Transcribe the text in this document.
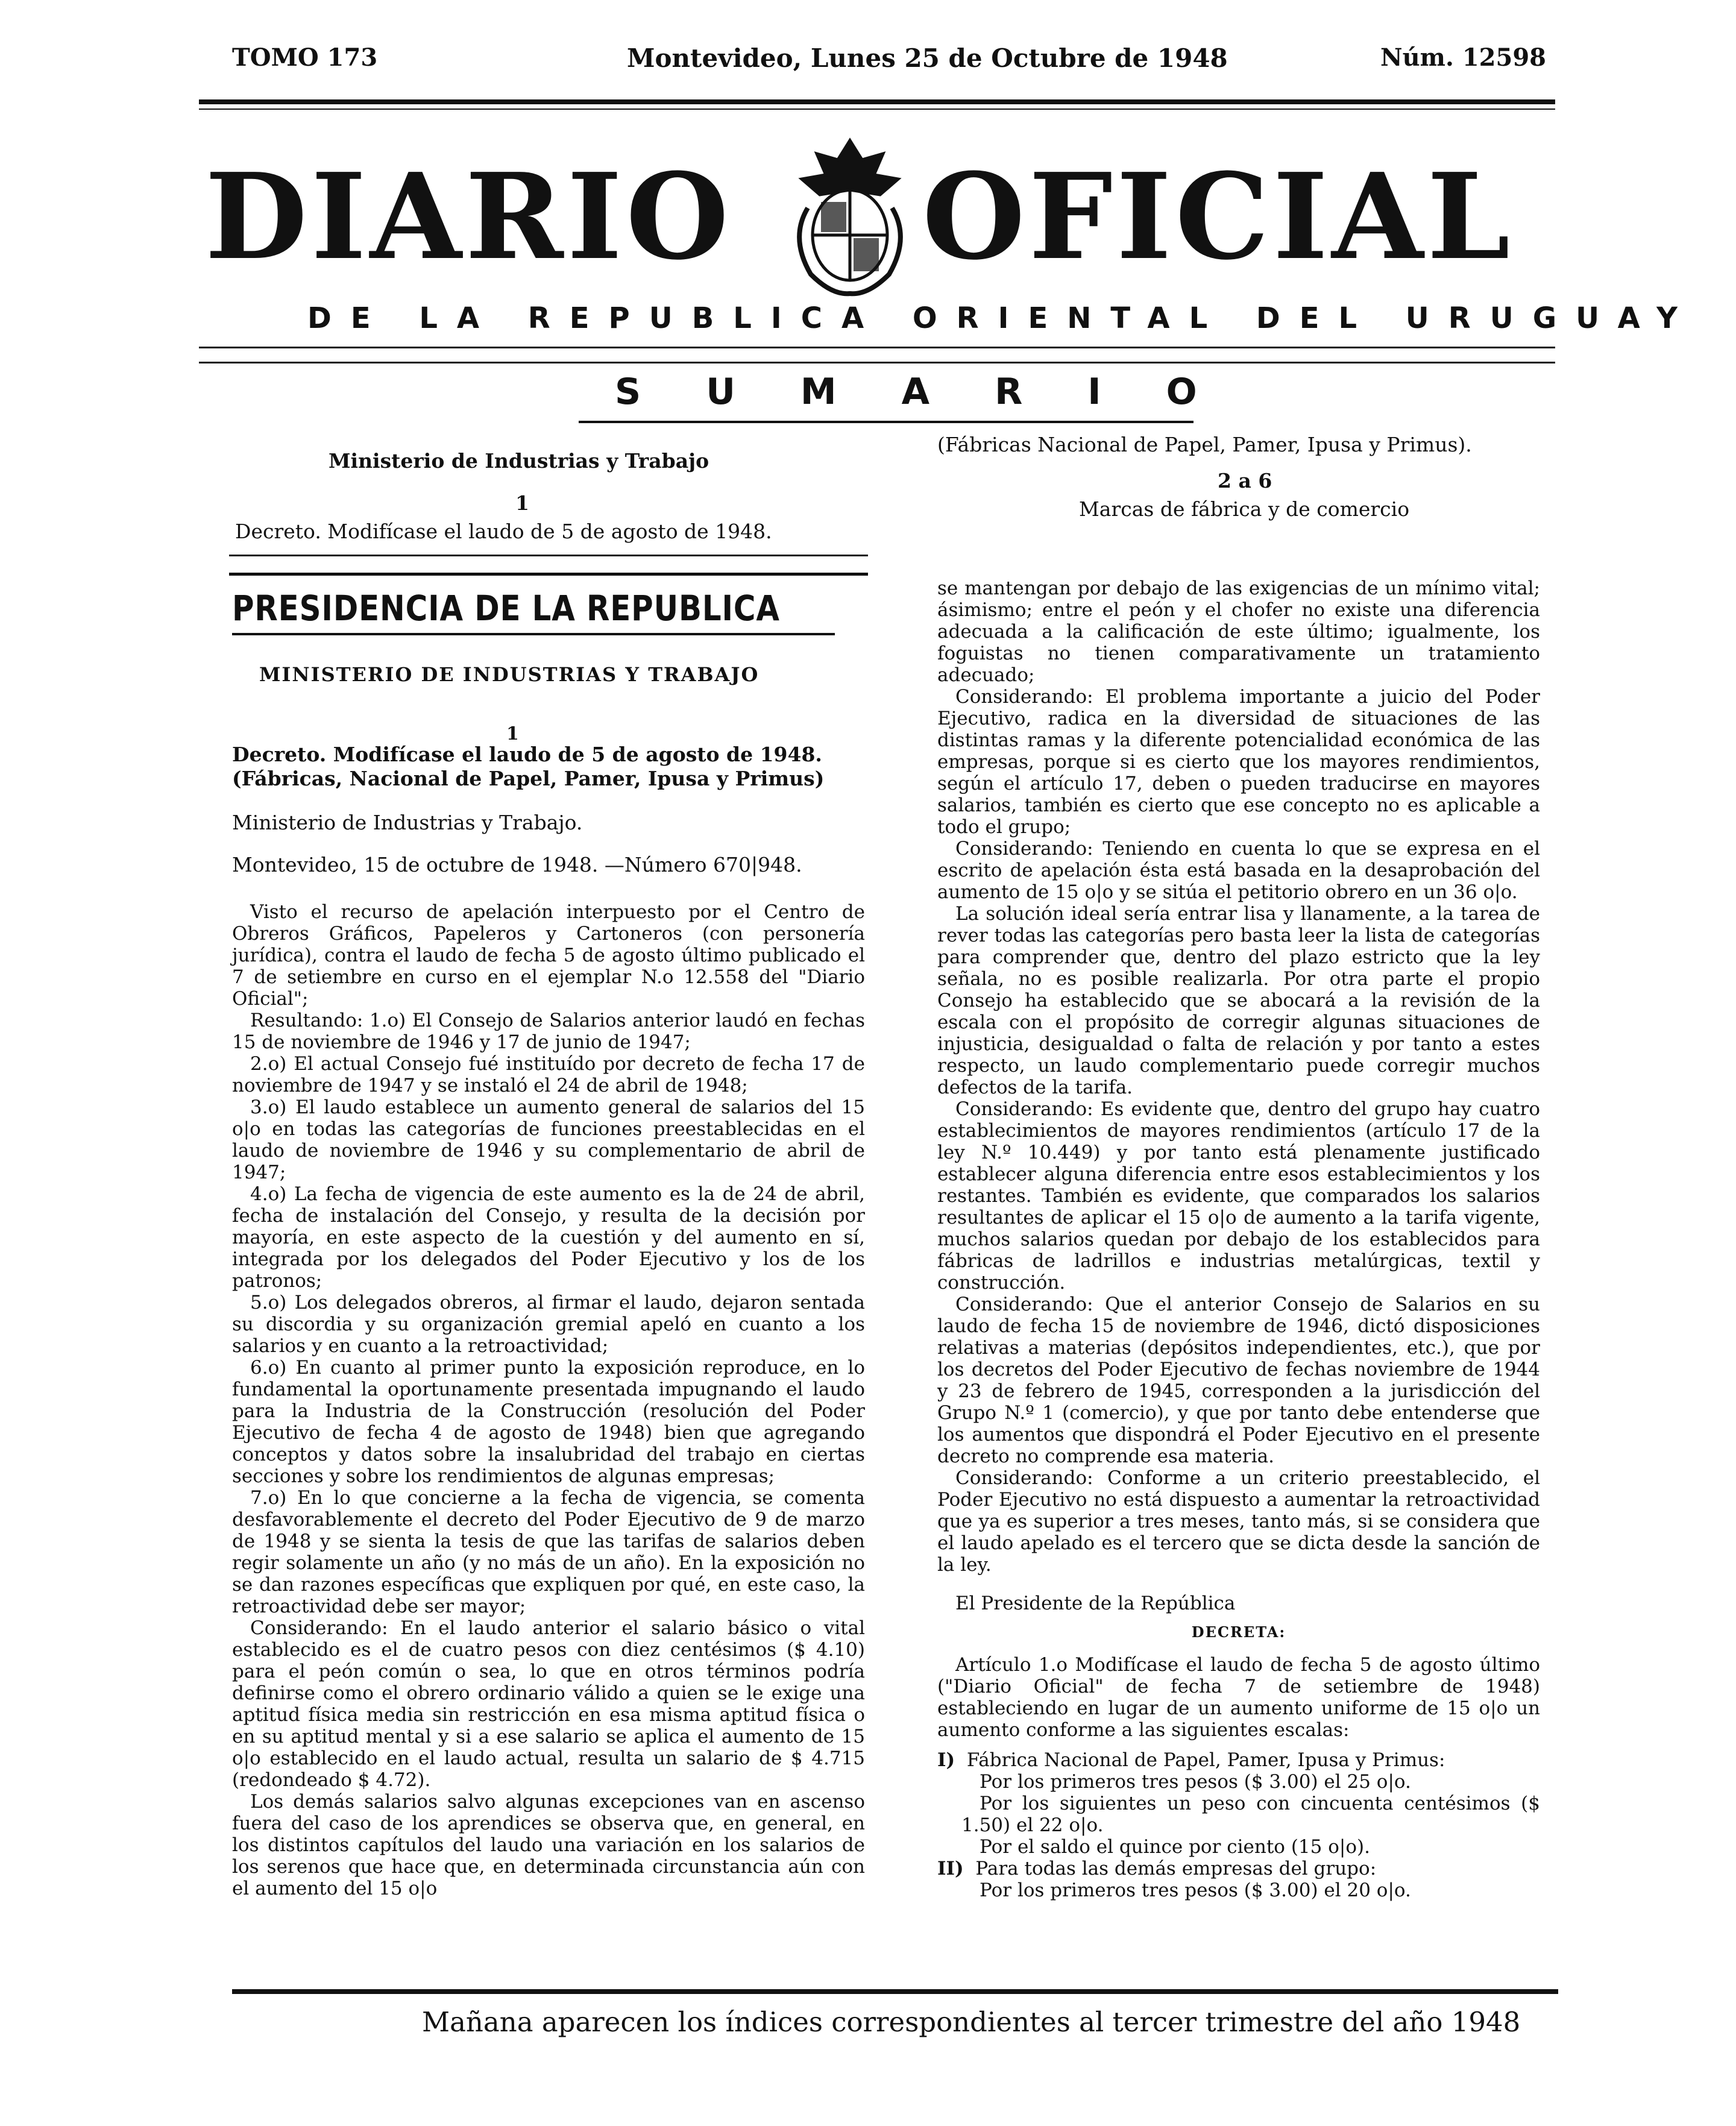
TOMO 173	Montevideo, Lunes 25 de Octubre de 1948	Núm. 12598
DIARIO OFICIAL
DE LA REPUBLICA ORIENTAL DEL URUGUAY
SUMARIO
Ministerio de Industrias y Trabajo
1
Decreto. Modifícase el laudo de 5 de agosto de 1948.
(Fábricas Nacional de Papel, Pamer, Ipusa y Primus).
2 a 6
Marcas de fábrica y de comercio
PRESIDENCIA DE LA REPUBLICA
MINISTERIO DE INDUSTRIAS Y TRABAJO
1
Decreto. Modifícase el laudo de 5 de agosto de 1948. (Fábricas, Nacional de Papel, Pamer, Ipusa y Primus)
Ministerio de Industrias y Trabajo.
Montevideo, 15 de octubre de 1948. —Número 670|948.

Visto el recurso de apelación interpuesto por el Centro de Obreros Gráficos, Papeleros y Cartoneros (con personería jurídica), contra el laudo de fecha 5 de agosto último publicado el 7 de setiembre en curso en el ejemplar N.o 12.558 del "Diario Oficial";

Resultando: 1.o) El Consejo de Salarios anterior laudó en fechas 15 de noviembre de 1946 y 17 de junio de 1947;

2.o) El actual Consejo fué instituído por decreto de fecha 17 de noviembre de 1947 y se instaló el 24 de abril de 1948;

3.o) El laudo establece un aumento general de salarios del 15 o|o en todas las categorías de funciones preestablecidas en el laudo de noviembre de 1946 y su complementario de abril de 1947;

4.o) La fecha de vigencia de este aumento es la de 24 de abril, fecha de instalación del Consejo, y resulta de la decisión por mayoría, en este aspecto de la cuestión y del aumento en sí, integrada por los delegados del Poder Ejecutivo y los de los patronos;

5.o) Los delegados obreros, al firmar el laudo, dejaron sentada su discordia y su organización gremial apeló en cuanto a los salarios y en cuanto a la retroactividad;

6.o) En cuanto al primer punto la exposición reproduce, en lo fundamental la oportunamente presentada impugnando el laudo para la Industria de la Construcción (resolución del Poder Ejecutivo de fecha 4 de agosto de 1948) bien que agregando conceptos y datos sobre la insalubridad del trabajo en ciertas secciones y sobre los rendimientos de algunas empresas;

7.o) En lo que concierne a la fecha de vigencia, se comenta desfavorablemente el decreto del Poder Ejecutivo de 9 de marzo de 1948 y se sienta la tesis de que las tarifas de salarios deben regir solamente un año (y no más de un año). En la exposición no se dan razones específicas que expliquen por qué, en este caso, la retroactividad debe ser mayor;

Considerando: En el laudo anterior el salario básico o vital establecido es el de cuatro pesos con diez centésimos ($ 4.10) para el peón común o sea, lo que en otros términos podría definirse como el obrero ordinario válido a quien se le exige una aptitud física media sin restricción en esa misma aptitud física o en su aptitud mental y si a ese salario se aplica el aumento de 15 o|o establecido en el laudo actual, resulta un salario de $ 4.715 (redondeado $ 4.72).

Los demás salarios salvo algunas excepciones van en ascenso fuera del caso de los aprendices se observa que, en general, en los distintos capítulos del laudo una variación en los salarios de los serenos que hace que, en determinada circunstancia aún con el aumento del 15 o|o

se mantengan por debajo de las exigencias de un mínimo vital; ásimismo; entre el peón y el chofer no existe una diferencia adecuada a la calificación de este último; igualmente, los foguistas no tienen comparativamente un tratamiento adecuado;

Considerando: El problema importante a juicio del Poder Ejecutivo, radica en la diversidad de situaciones de las distintas ramas y la diferente potencialidad económica de las empresas, porque si es cierto que los mayores rendimientos, según el artículo 17, deben o pueden traducirse en mayores salarios, también es cierto que ese concepto no es aplicable a todo el grupo;

Considerando: Teniendo en cuenta lo que se expresa en el escrito de apelación ésta está basada en la desaprobación del aumento de 15 o|o y se sitúa el petitorio obrero en un 36 o|o.

La solución ideal sería entrar lisa y llanamente, a la tarea de rever todas las categorías pero basta leer la lista de categorías para comprender que, dentro del plazo estricto que la ley señala, no es posible realizarla. Por otra parte el propio Consejo ha establecido que se abocará a la revisión de la escala con el propósito de corregir algunas situaciones de injusticia, desigualdad o falta de relación y por tanto a estes respecto, un laudo complementario puede corregir muchos defectos de la tarifa.

Considerando: Es evidente que, dentro del grupo hay cuatro establecimientos de mayores rendimientos (artículo 17 de la ley N.º 10.449) y por tanto está plenamente justificado establecer alguna diferencia entre esos establecimientos y los restantes. También es evidente, que comparados los salarios resultantes de aplicar el 15 o|o de aumento a la tarifa vigente, muchos salarios quedan por debajo de los establecidos para fábricas de ladrillos e industrias metalúrgicas, textil y construcción.

Considerando: Que el anterior Consejo de Salarios en su laudo de fecha 15 de noviembre de 1946, dictó disposiciones relativas a materias (depósitos independientes, etc.), que por los decretos del Poder Ejecutivo de fechas noviembre de 1944 y 23 de febrero de 1945, corresponden a la jurisdicción del Grupo N.º 1 (comercio), y que por tanto debe entenderse que los aumentos que dispondrá el Poder Ejecutivo en el presente decreto no comprende esa materia.

Considerando: Conforme a un criterio preestablecido, el Poder Ejecutivo no está dispuesto a aumentar la retroactividad que ya es superior a tres meses, tanto más, si se considera que el laudo apelado es el tercero que se dicta desde la sanción de la ley.

El Presidente de la República

DECRETA:

Artículo 1.o Modifícase el laudo de fecha 5 de agosto último ("Diario Oficial" de fecha 7 de setiembre de 1948) estableciendo en lugar de un aumento uniforme de 15 o|o un aumento conforme a las siguientes escalas:

I) Fábrica Nacional de Papel, Pamer, Ipusa y Primus:

Por los primeros tres pesos ($ 3.00) el 25 o|o.

Por los siguientes un peso con cincuenta centésimos ($ 1.50) el 22 o|o.

Por el saldo el quince por ciento (15 o|o).

II) Para todas las demás empresas del grupo:

Por los primeros tres pesos ($ 3.00) el 20 o|o.

Mañana aparecen los índices correspondientes al tercer trimestre del año 1948
